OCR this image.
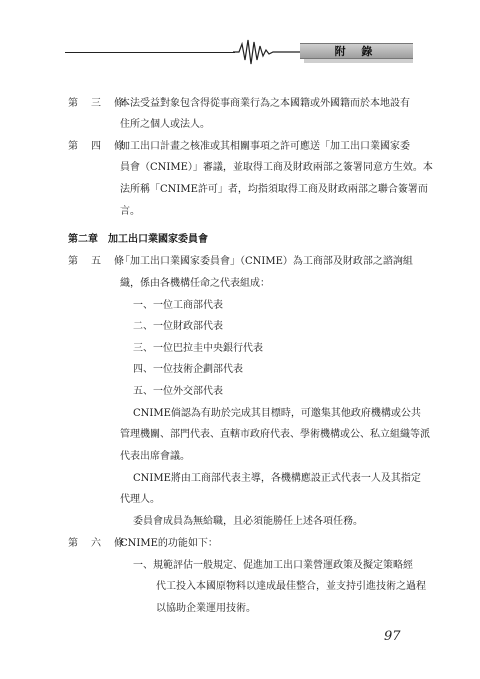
附 錄
第三條
本法受益對象包含得從事商業行為之本國籍或外國籍而於本地設有
住所之個人或法人。
第四條
加工出口計畫之核准或其相關事項之許可應送「加工出口業國家委
員會（CNIME）」審議，並取得工商及財政兩部之簽署同意方生效。本
法所稱「CNIME許可」者，均指須取得工商及財政兩部之聯合簽署而
言。
第二章　加工出口業國家委員會
第五條
「加工出口業國家委員會」（CNIME）為工商部及財政部之諮詢組
織，係由各機構任命之代表組成：
一、一位工商部代表
二、一位財政部代表
三、一位巴拉圭中央銀行代表
四、一位技術企劃部代表
五、一位外交部代表
CNIME倘認為有助於完成其目標時，可邀集其他政府機構或公共
管理機關、部門代表、直轄市政府代表、學術機構或公、私立組織等派
代表出席會議。
CNIME將由工商部代表主導，各機構應設正式代表一人及其指定
代理人。
委員會成員為無給職，且必須能勝任上述各項任務。
第六條
CNIME的功能如下：
一、規範評估一般規定、促進加工出口業營運政策及擬定策略經
代工投入本國原物料以達成最佳整合，並支持引進技術之過程
以協助企業運用技術。
97
